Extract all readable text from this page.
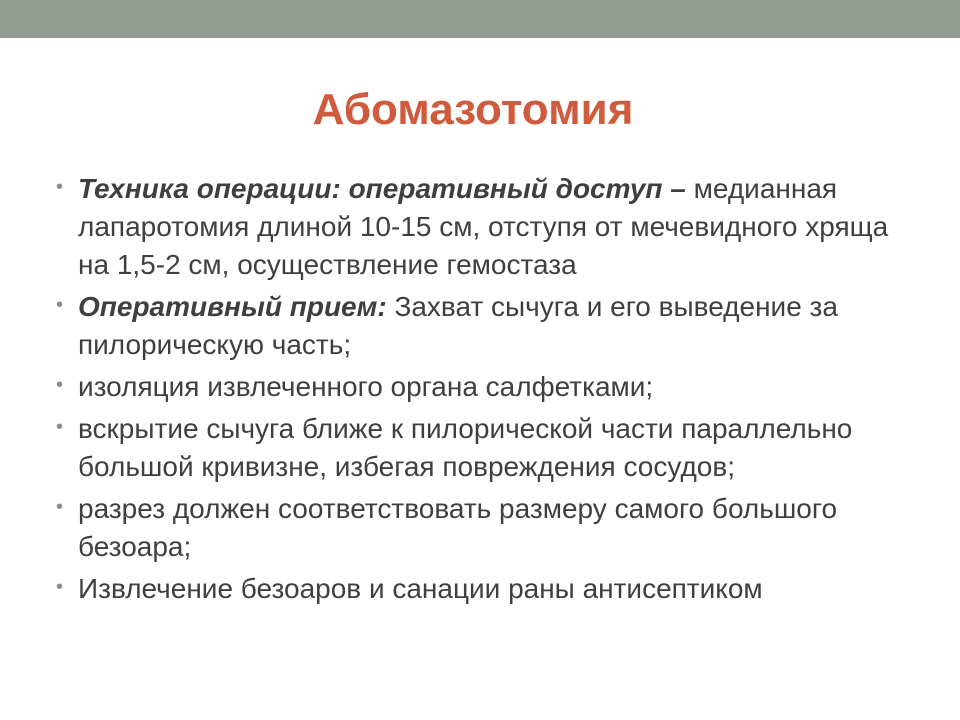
Абомазотомия
• Техника операции: оперативный доступ – медианная лапаротомия длиной 10-15 см, отступя от мечевидного хряща на 1,5-2 см, осуществление гемостаза
• Оперативный прием: Захват сычуга и его выведение за пилорическую часть;
• изоляция извлеченного органа салфетками;
• вскрытие сычуга ближе к пилорической части параллельно большой кривизне, избегая повреждения сосудов;
• разрез должен соответствовать размеру самого большого безоара;
• Извлечение безоаров и санации раны антисептиком
